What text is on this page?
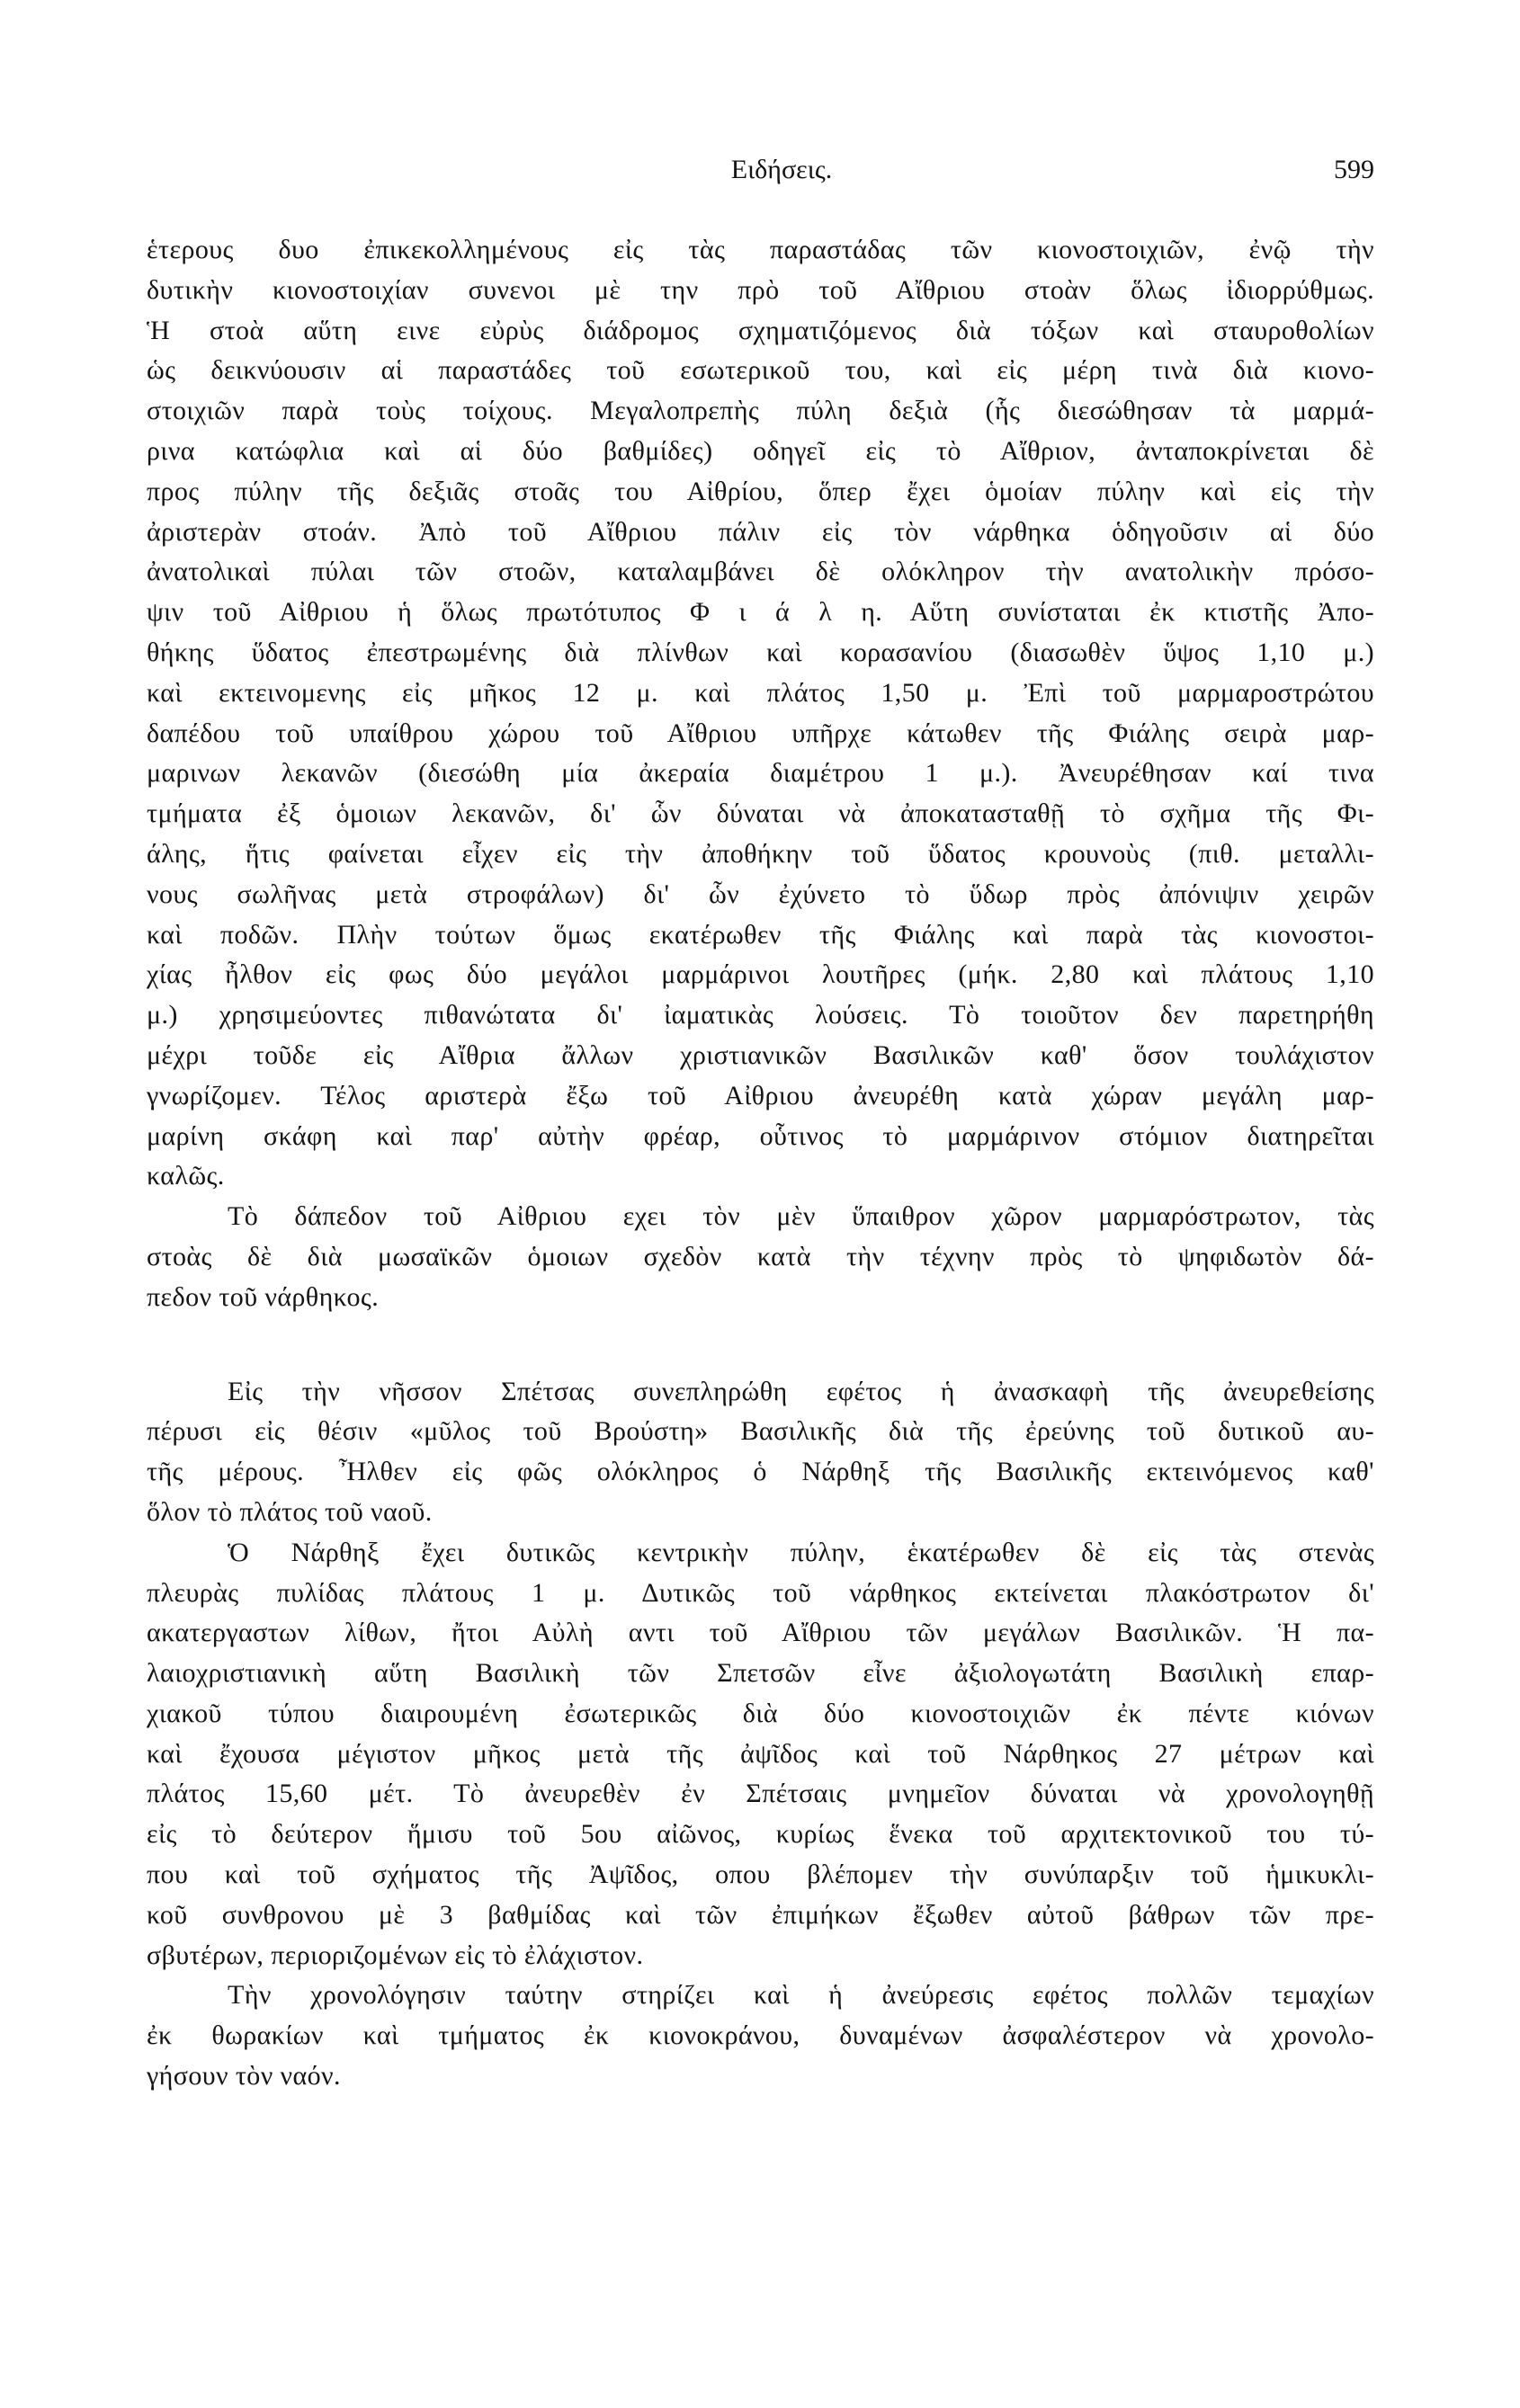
Ειδήσεις.	599
ἑτερους δυο ἐπικεκολλημένους εἰς τὰς παραστάδας τῶν κιονοστοιχιῶν, ἐνῷ τὴν
δυτικὴν κιονοστοιχίαν συνενοι μὲ την πρὸ τοῦ Αἴθριου στοὰν ὅλως ἰδιορρύθμως.
Ἡ στοὰ αὕτη εινε εὐρὺς διάδρομος σχηματιζόμενος διὰ τόξων καὶ σταυροθολίων
ὡς δεικνύουσιν αἱ παραστάδες τοῦ εσωτερικοῦ του, καὶ εἰς μέρη τινὰ διὰ κιονο-
στοιχιῶν παρὰ τοὺς τοίχους. Μεγαλοπρεπὴς πύλη δεξιὰ (ἧς διεσώθησαν τὰ μαρμά-
ρινα κατώφλια καὶ αἱ δύο βαθμίδες) οδηγεῖ εἰς τὸ Αἴθριον, ἀνταποκρίνεται δὲ
προς πύλην τῆς δεξιᾶς στοᾶς του Αἰθρίου, ὅπερ ἔχει ὁμοίαν πύλην καὶ εἰς τὴν
ἀριστερὰν στοάν. Ἀπὸ τοῦ Αἴθριου πάλιν εἰς τὸν νάρθηκα ὁδηγοῦσιν αἱ δύο
ἀνατολικαὶ πύλαι τῶν στοῶν, καταλαμβάνει δὲ ολόκληρον τὴν ανατολικὴν πρόσο-
ψιν τοῦ Αἰθριου ἡ ὅλως πρωτότυπος Φ ι ά λ η. Αὕτη συνίσταται ἐκ κτιστῆς Ἀπο-
θήκης ὕδατος ἐπεστρωμένης διὰ πλίνθων καὶ κορασανίου (διασωθὲν ὕψος 1,10 μ.)
καὶ εκτεινομενης εἰς μῆκος 12 μ. καὶ πλάτος 1,50 μ. Ἐπὶ τοῦ μαρμαροστρώτου
δαπέδου τοῦ υπαίθρου χώρου τοῦ Αἴθριου υπῆρχε κάτωθεν τῆς Φιάλης σειρὰ μαρ-
μαρινων λεκανῶν (διεσώθη μία ἀκεραία διαμέτρου 1 μ.). Ἀνευρέθησαν καί τινα
τμήματα ἐξ ὁμοιων λεκανῶν, δι' ὧν δύναται νὰ ἀποκατασταθῇ τὸ σχῆμα τῆς Φι-
άλης, ἥτις φαίνεται εἶχεν εἰς τὴν ἀποθήκην τοῦ ὕδατος κρουνοὺς (πιθ. μεταλλι-
νους σωλῆνας μετὰ στροφάλων) δι' ὧν ἐχύνετο τὸ ὕδωρ πρὸς ἀπόνιψιν χειρῶν
καὶ ποδῶν. Πλὴν τούτων ὅμως εκατέρωθεν τῆς Φιάλης καὶ παρὰ τὰς κιονοστοι-
χίας ἦλθον εἰς φως δύο μεγάλοι μαρμάρινοι λουτῆρες (μήκ. 2,80 καὶ πλάτους 1,10
μ.) χρησιμεύοντες πιθανώτατα δι' ἰαματικὰς λούσεις. Τὸ τοιοῦτον δεν παρετηρήθη
μέχρι τοῦδε εἰς Αἴθρια ἄλλων χριστιανικῶν Βασιλικῶν καθ' ὅσον τουλάχιστον
γνωρίζομεν. Τέλος αριστερὰ ἔξω τοῦ Αἰθριου ἀνευρέθη κατὰ χώραν μεγάλη μαρ-
μαρίνη σκάφη καὶ παρ' αὐτὴν φρέαρ, οὗτινος τὸ μαρμάρινον στόμιον διατηρεῖται
καλῶς.
Τὸ δάπεδον τοῦ Αἰθριου εχει τὸν μὲν ὕπαιθρον χῶρον μαρμαρόστρωτον, τὰς
στοὰς δὲ διὰ μωσαϊκῶν ὁμοιων σχεδὸν κατὰ τὴν τέχνην πρὸς τὸ ψηφιδωτὸν δά-
πεδον τοῦ νάρθηκος.
Εἰς τὴν νῆσσον Σπέτσας συνεπληρώθη εφέτος ἡ ἀνασκαφὴ τῆς ἀνευρεθείσης
πέρυσι εἰς θέσιν «μῦλος τοῦ Βρούστη» Βασιλικῆς διὰ τῆς ἐρεύνης τοῦ δυτικοῦ αυ-
τῆς μέρους. Ἦλθεν εἰς φῶς ολόκληρος ὁ Νάρθηξ τῆς Βασιλικῆς εκτεινόμενος καθ'
ὅλον τὸ πλάτος τοῦ ναοῦ.
Ὁ Νάρθηξ ἔχει δυτικῶς κεντρικὴν πύλην, ἑκατέρωθεν δὲ εἰς τὰς στενὰς
πλευρὰς πυλίδας πλάτους 1 μ. Δυτικῶς τοῦ νάρθηκος εκτείνεται πλακόστρωτον δι'
ακατεργαστων λίθων, ἤτοι Αὐλὴ αντι τοῦ Αἴθριου τῶν μεγάλων Βασιλικῶν. Ἡ πα-
λαιοχριστιανικὴ αὕτη Βασιλικὴ τῶν Σπετσῶν εἶνε ἀξιολογωτάτη Βασιλικὴ επαρ-
χιακοῦ τύπου διαιρουμένη ἐσωτερικῶς διὰ δύο κιονοστοιχιῶν ἐκ πέντε κιόνων
καὶ ἔχουσα μέγιστον μῆκος μετὰ τῆς ἀψῖδος καὶ τοῦ Νάρθηκος 27 μέτρων καὶ
πλάτος 15,60 μέτ. Τὸ ἀνευρεθὲν ἐν Σπέτσαις μνημεῖον δύναται νὰ χρονολογηθῇ
εἰς τὸ δεύτερον ἥμισυ τοῦ 5ου αἰῶνος, κυρίως ἕνεκα τοῦ αρχιτεκτονικοῦ του τύ-
που καὶ τοῦ σχήματος τῆς Ἀψῖδος, οπου βλέπομεν τὴν συνύπαρξιν τοῦ ἡμικυκλι-
κοῦ συνθρονου μὲ 3 βαθμίδας καὶ τῶν ἐπιμήκων ἔξωθεν αὐτοῦ βάθρων τῶν πρε-
σβυτέρων, περιοριζομένων εἰς τὸ ἐλάχιστον.
Τὴν χρονολόγησιν ταύτην στηρίζει καὶ ἡ ἀνεύρεσις εφέτος πολλῶν τεμαχίων
ἐκ θωρακίων καὶ τμήματος ἐκ κιονοκράνου, δυναμένων ἀσφαλέστερον νὰ χρονολο-
γήσουν τὸν ναόν.
